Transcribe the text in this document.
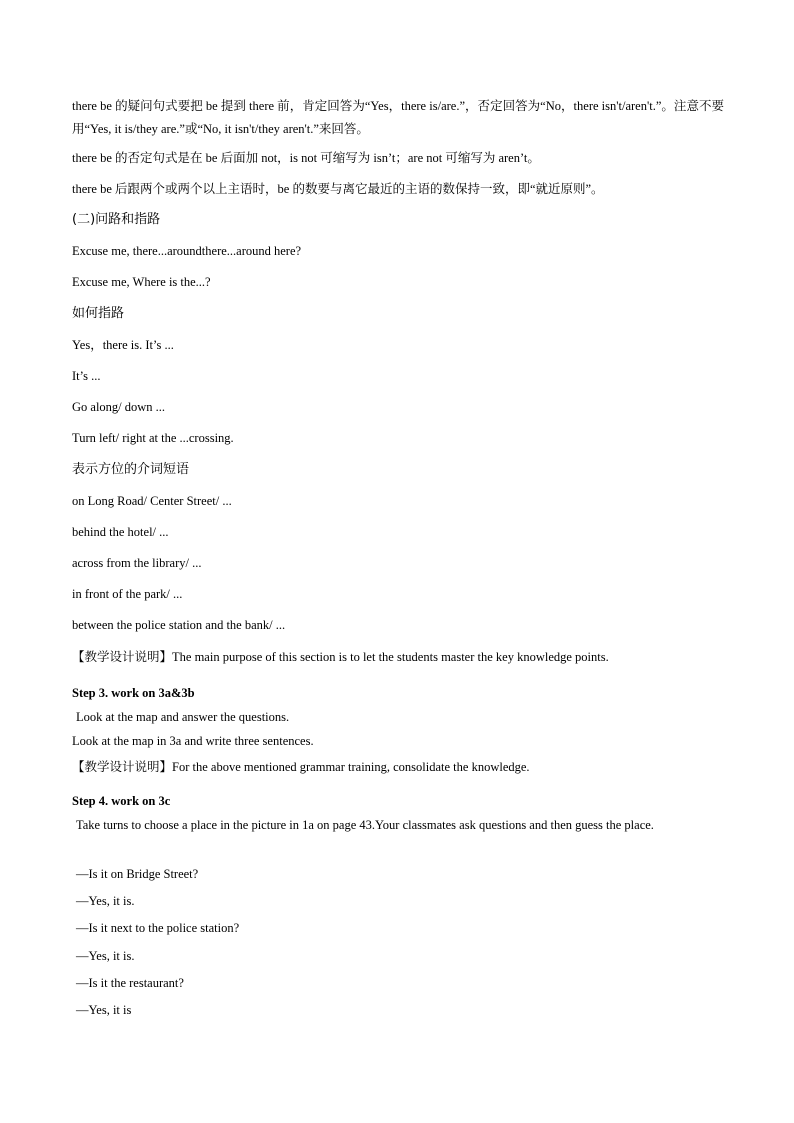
there be 的疑问句式要把 be 提到 there 前，肯定回答为“Yes，there is/are.”，否定回答为“No，there isn't/aren't.”。注意不要用“Yes, it is/they are.”或“No, it isn't/they aren't.”来回答。
there be 的否定句式是在 be 后面加 not，is not 可缩写为 isn’t；are not 可缩写为 aren’t。
there be 后跟两个或两个以上主语时，be 的数要与离它最近的主语的数保持一致，即“就近原则”。
(二)问路和指路
Excuse me, there...aroundthere...around here?
Excuse me, Where is the...?
如何指路
Yes，there is. It’s ...
It’s ...
Go along/ down ...
Turn left/ right at the ...crossing.
表示方位的介词短语
on Long Road/ Center Street/ ...
behind the hotel/ ...
across from the library/ ...
in front of the park/ ...
between the police station and the bank/ ...
【教学设计说明】The main purpose of this section is to let the students master the key knowledge points.
Step 3. work on 3a&3b
Look at the map and answer the questions.
Look at the map in 3a and write three sentences.
【教学设计说明】For the above mentioned grammar training, consolidate the knowledge.
Step 4. work on 3c
Take turns to choose a place in the picture in 1a on page 43.Your classmates ask questions and then guess the place.
—Is it on Bridge Street?
—Yes, it is.
—Is it next to the police station?
—Yes, it is.
—Is it the restaurant?
—Yes, it is
